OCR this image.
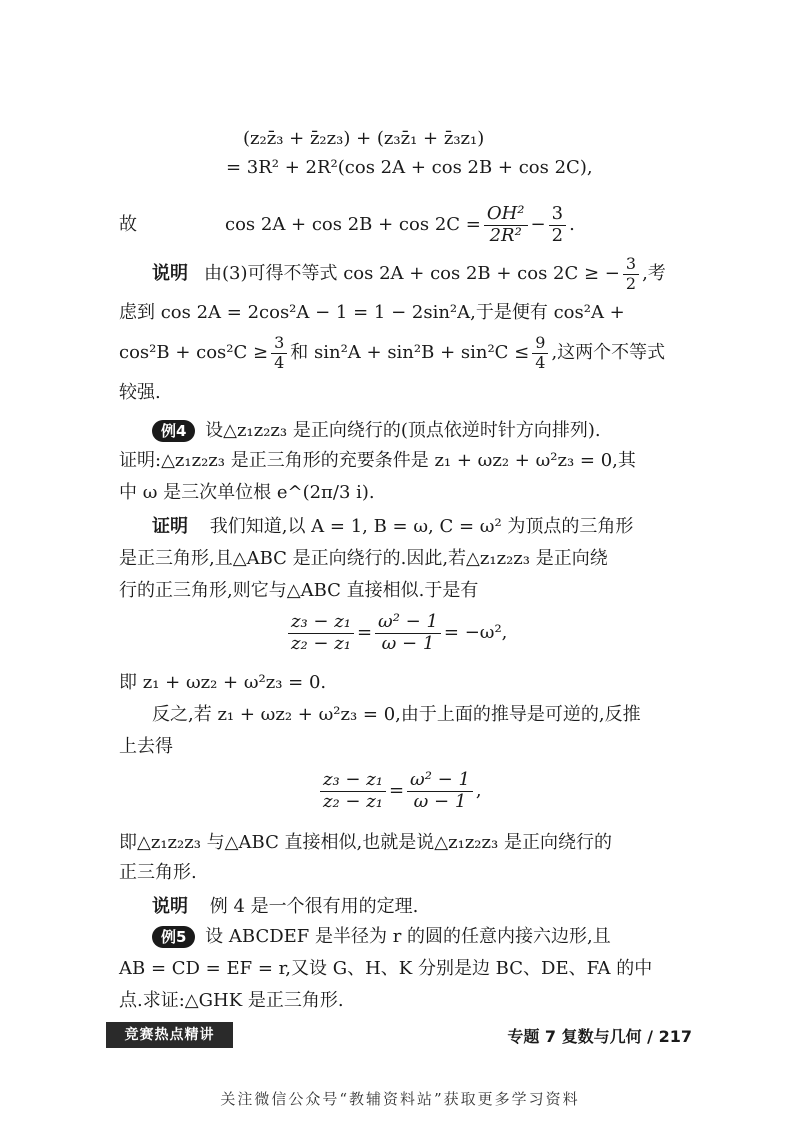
(z₂z̄₃ + z̄₂z₃) + (z₃z̄₁ + z̄₃z₁)
= 3R² + 2R²(cos 2A + cos 2B + cos 2C),
故	$\cos 2A + \cos 2B + \cos 2C = \frac{\text{OH²}}{\text{2R²}} - \frac{3}{2}$ .
说明 由(3)可得不等式 cos 2A + cos 2B + cos 2C ≥ − $\frac{3}{2}$ ,考
虑到 cos 2A = 2cos²A − 1 = 1 − 2sin²A,于是便有 cos²A +
$\cos^2B + \cos^2C \ge \frac{3}{4}$ 和 $\sin^2A + \sin^2B + \sin^2C \le \frac{9}{4}$ ,这两个不等式
较强.
例4 设△z₁z₂z₃ 是正向绕行的(顶点依逆时针方向排列).
证明:△z₁z₂z₃ 是正三角形的充要条件是 z₁ + ωz₂ + ω²z₃ = 0,其
中 ω 是三次单位根 e^(2π/3 i).
证明 我们知道,以 A = 1, B = ω, C = ω² 为顶点的三角形
是正三角形,且△ABC 是正向绕行的.因此,若△z₁z₂z₃ 是正向绕
行的正三角形,则它与△ABC 直接相似.于是有
$\frac{\text{z₃ − z₁}}{\text{z₂ − z₁}} = \frac{\text{ω² − 1}}{\omega - 1} = -\omega^2$,
即 z₁ + ωz₂ + ω²z₃ = 0.
反之,若 z₁ + ωz₂ + ω²z₃ = 0,由于上面的推导是可逆的,反推
上去得
$\frac{\text{z₃ − z₁}}{\text{z₂ − z₁}} = \frac{\text{ω² − 1}}{\omega - 1}$ ,
即△z₁z₂z₃ 与△ABC 直接相似,也就是说△z₁z₂z₃ 是正向绕行的
正三角形.
说明 例 4 是一个很有用的定理.
例5 设 ABCDEF 是半径为 r 的圆的任意内接六边形,且
AB = CD = EF = r,又设 G、H、K 分别是边 BC、DE、FA 的中
点.求证:△GHK 是正三角形.
竞赛热点精讲	专题 7 复数与几何 / 217
关注微信公众号“教辅资料站”获取更多学习资料
